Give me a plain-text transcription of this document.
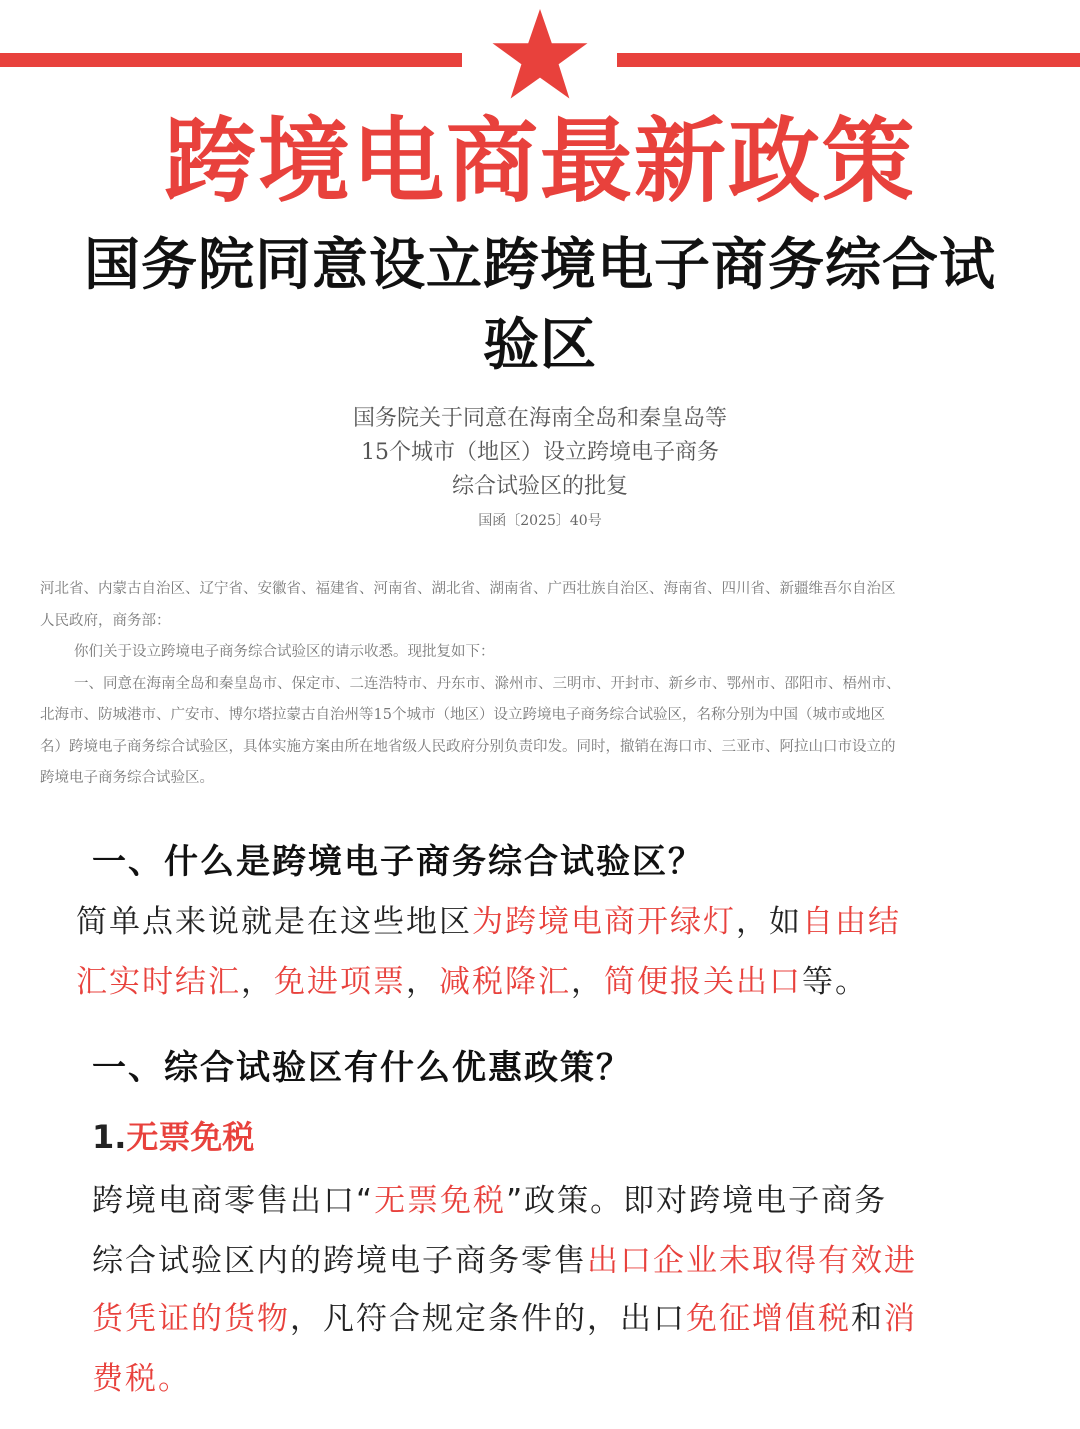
跨境电商最新政策
国务院同意设立跨境电子商务综合试
验区
国务院关于同意在海南全岛和秦皇岛等
15个城市（地区）设立跨境电子商务
综合试验区的批复
国函〔2025〕40号

河北省、内蒙古自治区、辽宁省、安徽省、福建省、河南省、湖北省、湖南省、广西壮族自治区、海南省、四川省、新疆维吾尔自治区

人民政府，商务部：

你们关于设立跨境电子商务综合试验区的请示收悉。现批复如下：

一、同意在海南全岛和秦皇岛市、保定市、二连浩特市、丹东市、滁州市、三明市、开封市、新乡市、鄂州市、邵阳市、梧州市、

北海市、防城港市、广安市、博尔塔拉蒙古自治州等15个城市（地区）设立跨境电子商务综合试验区，名称分别为中国（城市或地区

名）跨境电子商务综合试验区，具体实施方案由所在地省级人民政府分别负责印发。同时，撤销在海口市、三亚市、阿拉山口市设立的

跨境电子商务综合试验区。

一、什么是跨境电子商务综合试验区？
简单点来说就是在这些地区为跨境电商开绿灯，如自由结
汇实时结汇，免进项票，减税降汇，简便报关出口等。
一、综合试验区有什么优惠政策？
1.无票免税
跨境电商零售出口“无票免税”政策。即对跨境电子商务
综合试验区内的跨境电子商务零售出口企业未取得有效进
货凭证的货物，凡符合规定条件的，出口免征增值税和消
费税。
